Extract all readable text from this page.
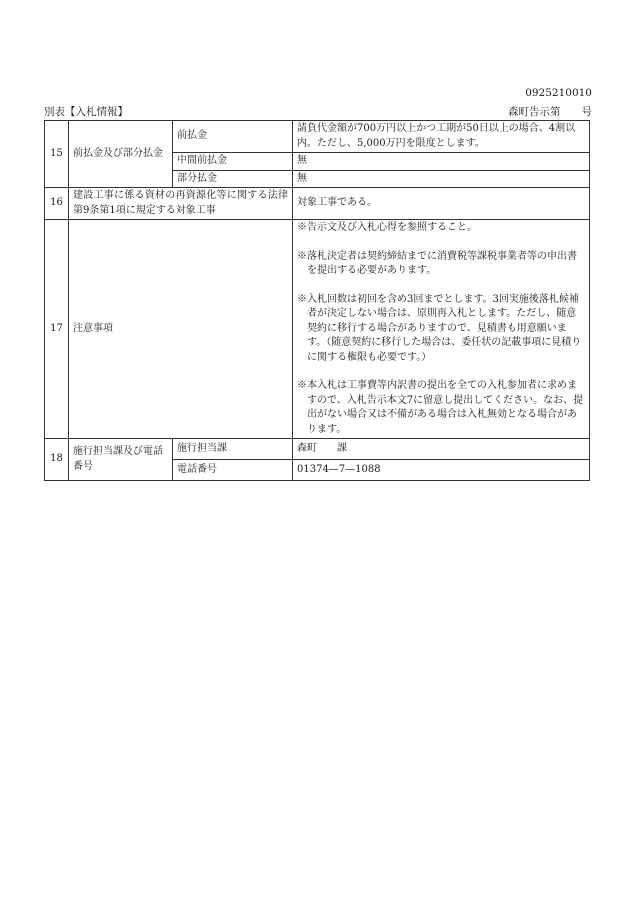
0925210010
別表【入札情報】	森町告示第　　号
15	前払金及び部分払金	前払金	請負代金額が700万円以上かつ工期が50日以上の場合、4割以内。ただし、5,000万円を限度とします。
		中間前払金	無
		部分払金	無
16	建設工事に係る資材の再資源化等に関する法律第9条第1項に規定する対象工事		対象工事である。
17	注意事項		※告示文及び入札心得を参照すること。

※落札決定者は契約締結までに消費税等課税事業者等の申出書を提出する必要があります。

※入札回数は初回を含め3回までとします。3回実施後落札候補者が決定しない場合は、原則再入札とします。ただし、随意契約に移行する場合がありますので、見積書も用意願います。（随意契約に移行した場合は、委任状の記載事項に見積りに関する権限も必要です。）

※本入札は工事費等内訳書の提出を全ての入札参加者に求めますので、入札告示本文7に留意し提出してください。なお、提出がない場合又は不備がある場合は入札無効となる場合があります。

18	施行担当課及び電話番号	施行担当課	森町　　課
		電話番号	01374—7—1088
